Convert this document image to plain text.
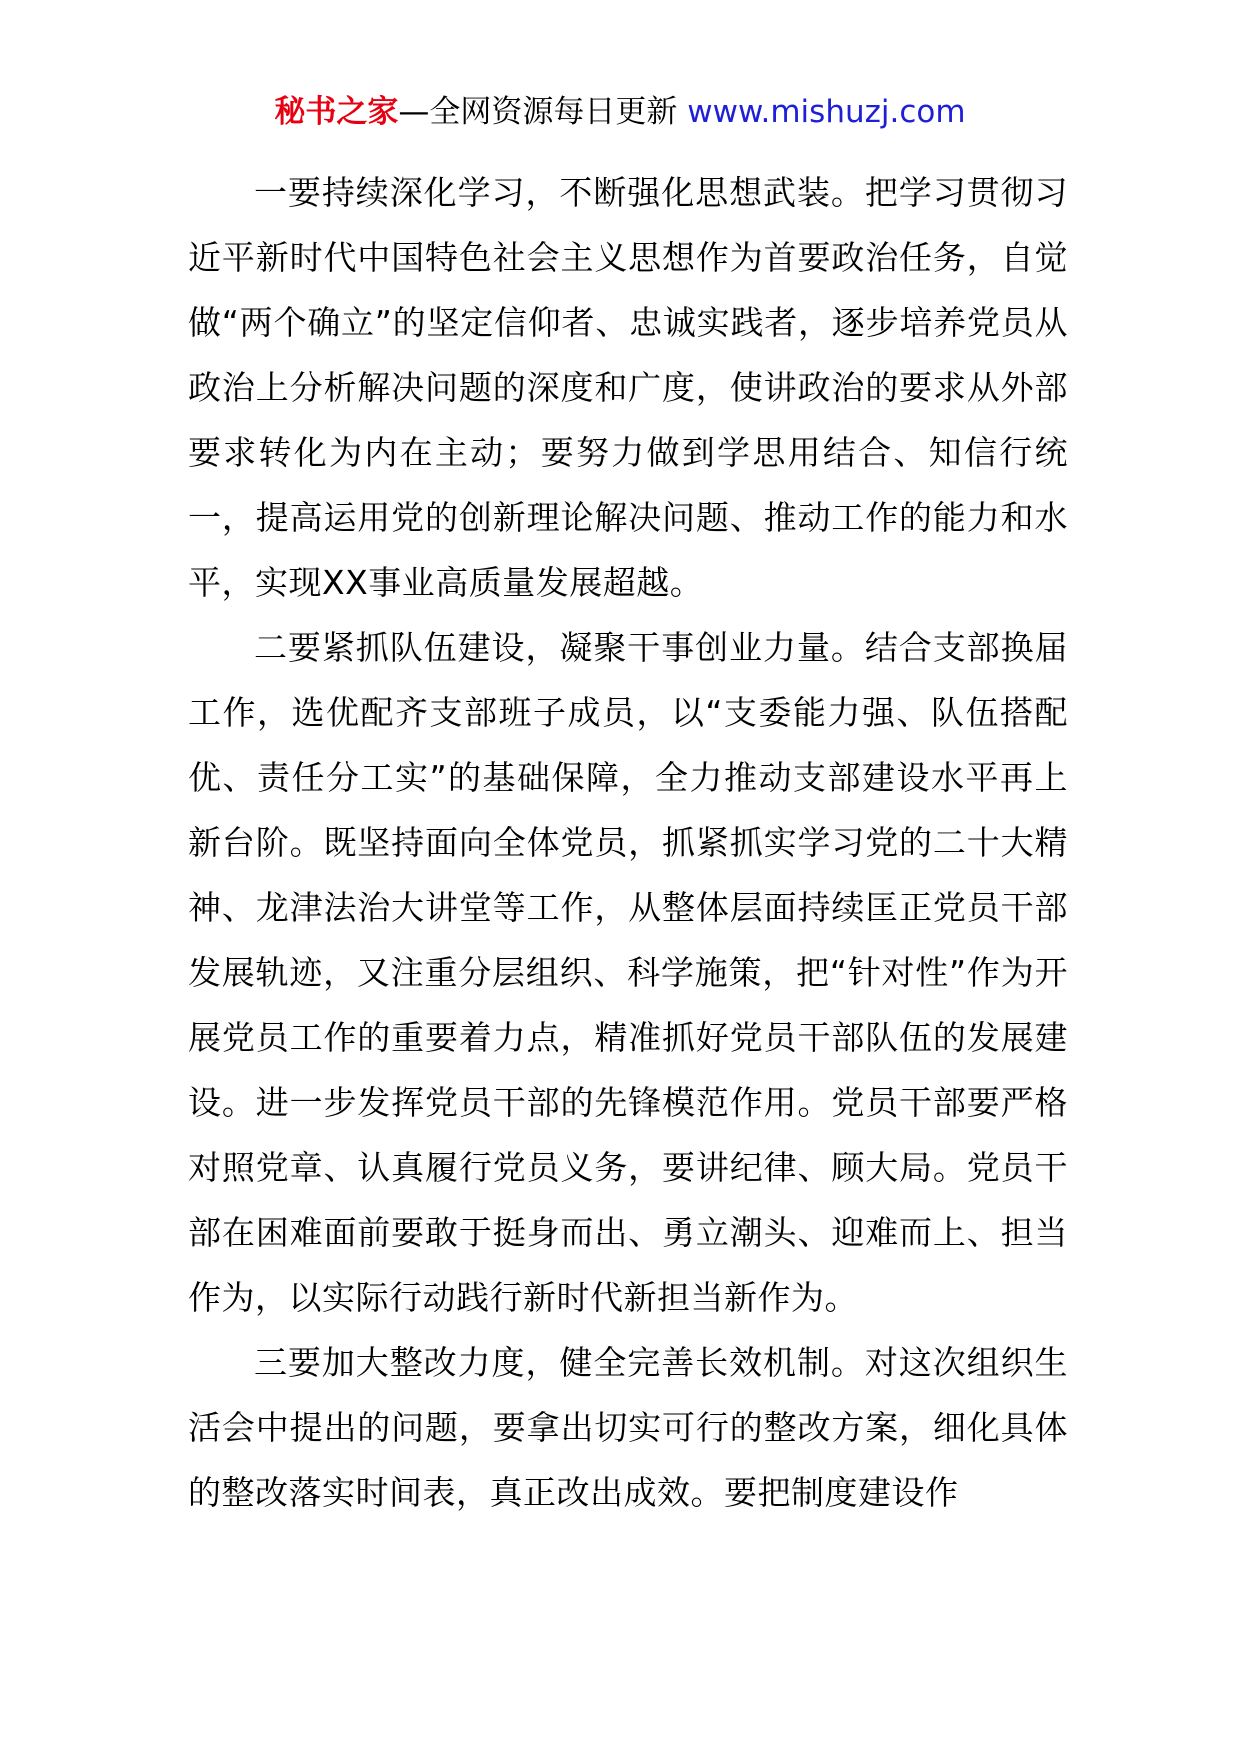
秘书之家—全网资源每日更新 www.mishuzj.com

一要持续深化学习，不断强化思想武装。把学习贯彻习近平新时代中国特色社会主义思想作为首要政治任务，自觉做“两个确立”的坚定信仰者、忠诚实践者，逐步培养党员从政治上分析解决问题的深度和广度，使讲政治的要求从外部要求转化为内在主动；要努力做到学思用结合、知信行统一，提高运用党的创新理论解决问题、推动工作的能力和水平，实现XX事业高质量发展超越。

二要紧抓队伍建设，凝聚干事创业力量。结合支部换届工作，选优配齐支部班子成员，以“支委能力强、队伍搭配优、责任分工实”的基础保障，全力推动支部建设水平再上新台阶。既坚持面向全体党员，抓紧抓实学习党的二十大精神、龙津法治大讲堂等工作，从整体层面持续匡正党员干部发展轨迹，又注重分层组织、科学施策，把“针对性”作为开展党员工作的重要着力点，精准抓好党员干部队伍的发展建设。进一步发挥党员干部的先锋模范作用。党员干部要严格对照党章、认真履行党员义务，要讲纪律、顾大局。党员干部在困难面前要敢于挺身而出、勇立潮头、迎难而上、担当作为，以实际行动践行新时代新担当新作为。

三要加大整改力度，健全完善长效机制。对这次组织生活会中提出的问题，要拿出切实可行的整改方案，细化具体的整改落实时间表，真正改出成效。要把制度建设作
